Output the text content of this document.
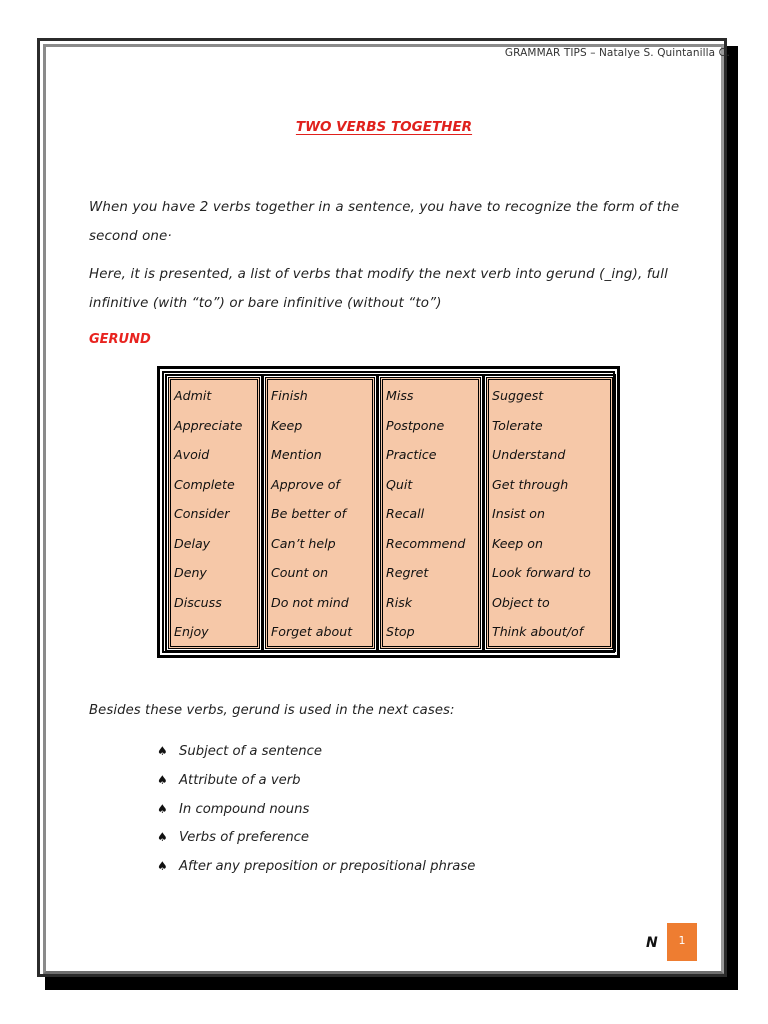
GRAMMAR TIPS – Natalye S. Quintanilla O.
TWO VERBS TOGETHER
When you have 2 verbs together in a sentence, you have to recognize the form of the second one·
Here, it is presented, a list of verbs that modify the next verb into gerund (_ing), full infinitive (with “to”) or bare infinitive (without “to”)
GERUND
Admit
Appreciate
Avoid
Complete
Consider
Delay
Deny
Discuss
Enjoy
Finish
Keep
Mention
Approve of
Be better of
Can’t help
Count on
Do not mind
Forget about
Miss
Postpone
Practice
Quit
Recall
Recommend
Regret
Risk
Stop
Suggest
Tolerate
Understand
Get through
Insist on
Keep on
Look forward to
Object to
Think about/of
Besides these verbs, gerund is used in the next cases:
♠ Subject of a sentence
♠ Attribute of a verb
♠ In compound nouns
♠ Verbs of preference
♠ After any preposition or prepositional phrase
N	1
